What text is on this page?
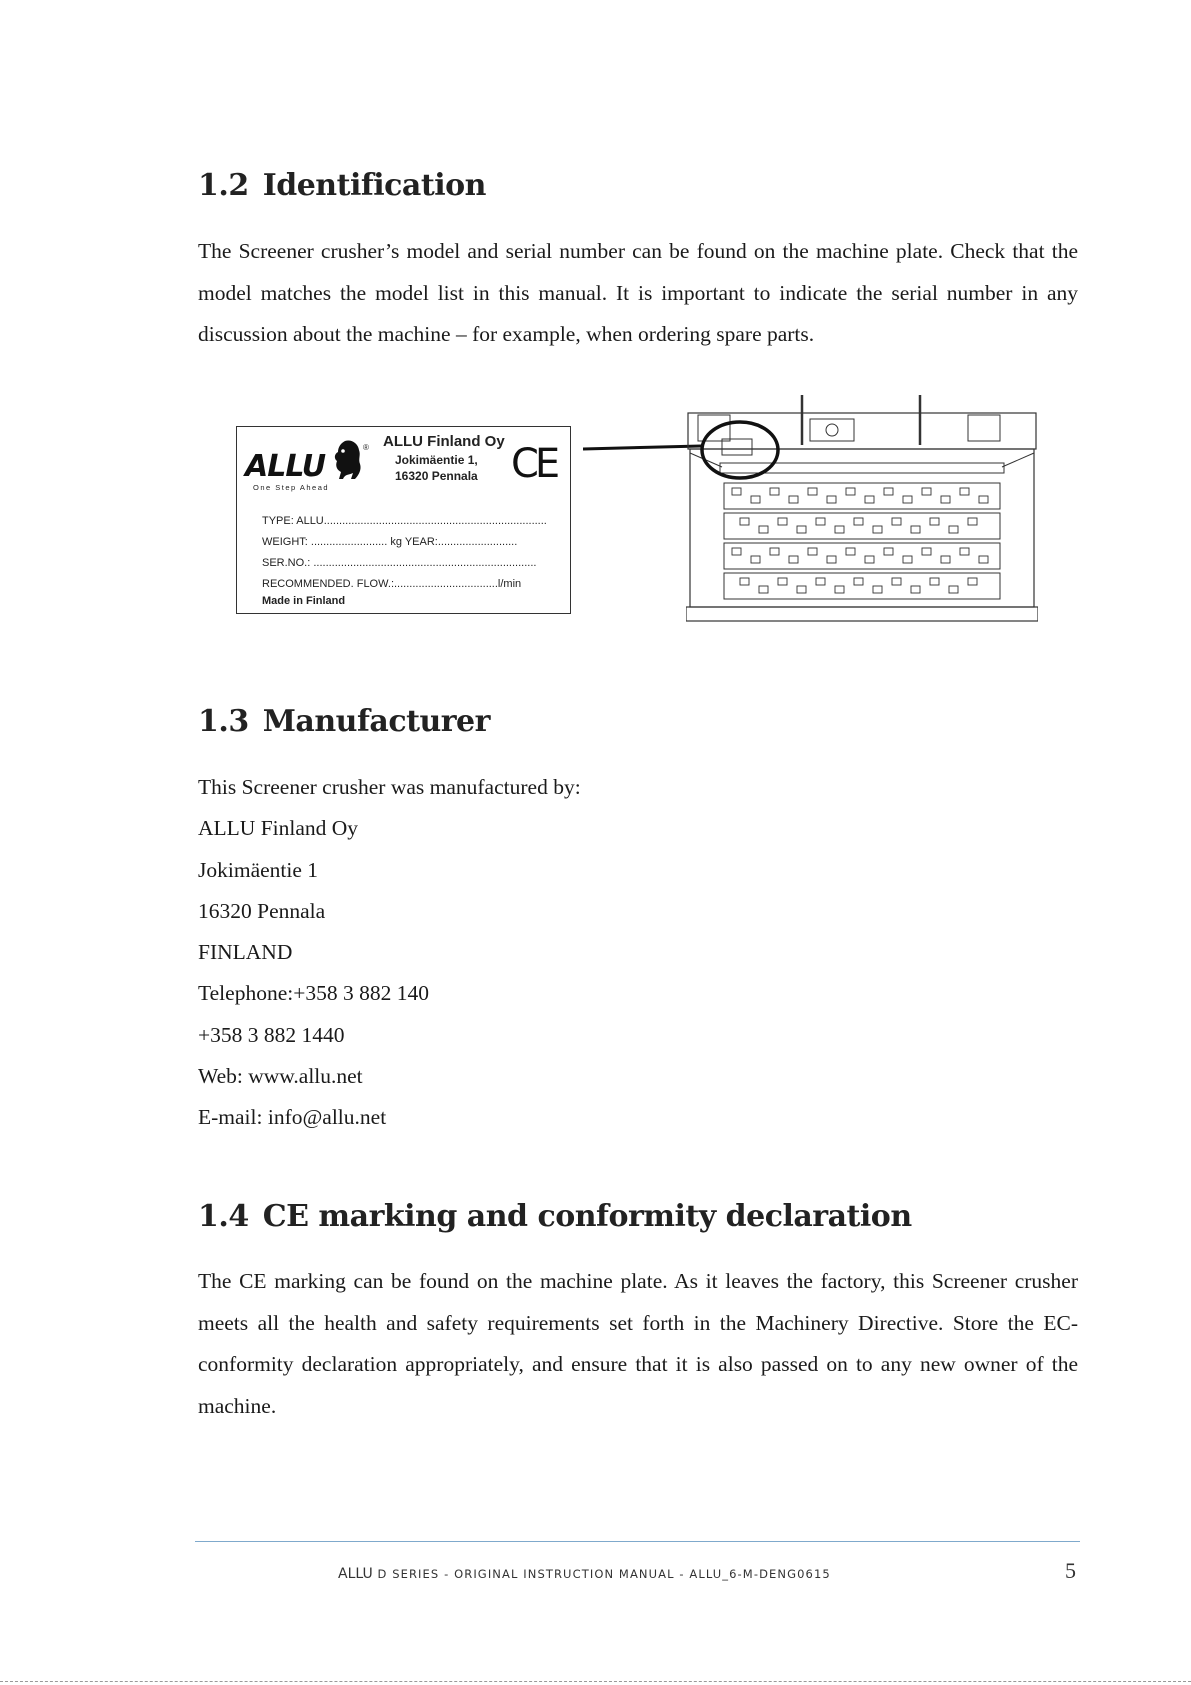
1.2 Identification

The Screener crusher’s model and serial number can be found on the machine plate. Check that the model matches the model list in this manual. It is important to indicate the serial number in any discussion about the machine – for example, when ordering spare parts.

ALLU
One Step Ahead
® ALLU Finland Oy
Jokimäentie 1,
16320 Pennala CE
TYPE: ALLU.........................................................................
WEIGHT: ......................... kg YEAR:..........................
SER.NO.: .........................................................................
RECOMMENDED. FLOW.:..................................l/min
Made in Finland
1.3 Manufacturer
This Screener crusher was manufactured by:
ALLU Finland Oy
Jokimäentie 1
16320 Pennala
FINLAND
Telephone:+358 3 882 140
+358 3 882 1440
Web: www.allu.net
E-mail: info@allu.net
1.4 CE marking and conformity declaration

The CE marking can be found on the machine plate. As it leaves the factory, this Screener crusher meets all the health and safety requirements set forth in the Machinery Directive. Store the EC-conformity declaration appropriately, and ensure that it is also passed on to any new owner of the machine.

ALLU D SERIES - ORIGINAL INSTRUCTION MANUAL - ALLU_6-M-DENG0615	5
